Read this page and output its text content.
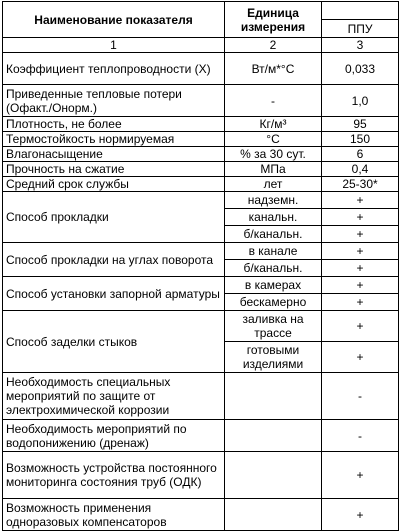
Наименование показателя	Единица измерения	
		ППУ
1	2	3
Коэффициент теплопроводности (Х)	Вт/м*°С	0,033
Приведенные тепловые потери (Офакт./Онорм.)	-	1,0
Плотность, не более	Кг/м³	95
Термостойкость нормируемая	°С	150
Влагонасыщение	% за 30 сут.	6
Прочность на сжатие	МПа	0,4
Средний срок службы	лет	25-30*
Способ прокладки	надземн.	+
	канальн.	+
	б/канальн.	+
Способ прокладки на углах поворота	в канале	+
	б/канальн.	+
Способ установки запорной арматуры	в камерах	+
	бескамерно	+
Способ заделки стыков	заливка на трассе	+
	готовыми изделиями	+
Необходимость специальных мероприятий по защите от электрохимической коррозии		-
Необходимость мероприятий по водопонижению (дренаж)		-
Возможность устройства постоянного мониторинга состояния труб (ОДК)		+
Возможность применения одноразовых компенсаторов		+
